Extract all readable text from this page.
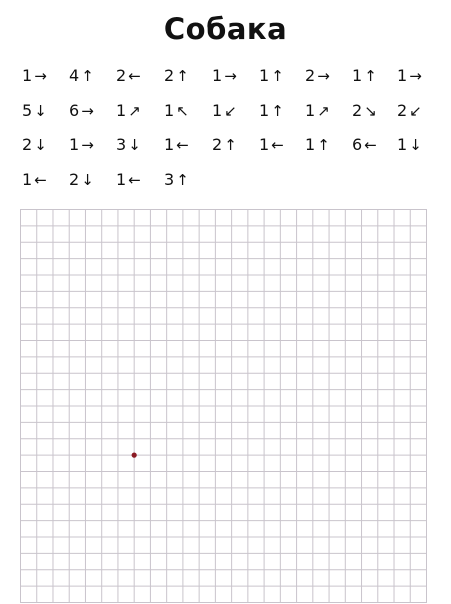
Собака
1 → 4 ↑ 2 ← 2 ↑ 1 → 1 ↑ 2 → 1 ↑ 1 →
5 ↓ 6 → 1 ↗ 1 ↖ 1 ↙ 1 ↑ 1 ↗ 2 ↘ 2 ↙
2 ↓ 1 → 3 ↓ 1 ← 2 ↑ 1 ← 1 ↑ 6 ← 1 ↓
1 ← 2 ↓ 1 ← 3 ↑
